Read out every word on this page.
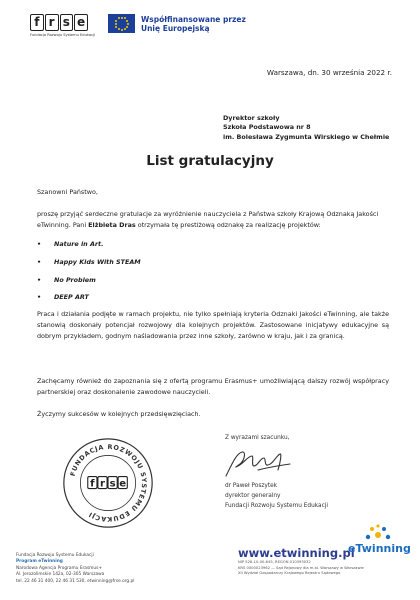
f r s e
Fundacja Rozwoju Systemu Edukacji
Współfinansowane przez
Unię Europejską
Warszawa, dn. 30 września 2022 r.
Dyrektor szkoły
Szkoła Podstawowa nr 8
im. Bolesława Zygmunta Wirskiego w Chełmie
List gratulacyjny
Szanowni Państwo,
proszę przyjąć serdeczne gratulacje za wyróżnienie nauczyciela z Państwa szkoły Krajową Odznaką Jakości eTwinning. Pani Elżbieta Dras otrzymała tę prestiżową odznakę za realizację projektów:
• Nature in Art.
• Happy Kids With STEAM
• No Problem
• DEEP ART
Praca i działania podjęte w ramach projektu, nie tylko spełniają kryteria Odznaki Jakości eTwinning, ale także stanowią doskonały potencjał rozwojowy dla kolejnych projektów. Zastosowane inicjatywy edukacyjne są dobrym przykładem, godnym naśladowania przez inne szkoły, zarówno w kraju, jak i za granicą.
Zachęcamy również do zapoznania się z ofertą programu Erasmus+ umożliwiającą dalszy rozwój współpracy partnerskiej oraz doskonalenie zawodowe nauczycieli.
Życzymy sukcesów w kolejnych przedsięwzięciach.
FUNDACJA ROZWOJU SYSTEMU EDUKACJI
f r s e
Z wyrazami szacunku,
dr Paweł Poszytek
dyrektor generalny
Fundacji Rozwoju Systemu Edukacji
Fundacja Rozwoju Systemu Edukacji
Program eTwinning
Narodowa Agencja Programu Erasmus+
Al. Jerozolimskie 142a, 02-305 Warszawa
tel. 22 46 31 400, 22 46 31 530, etwinning@frse.org.pl
www.etwinning.pl
NIP 526-10-00-645, REGON 010393032
KRS 0000023962 — Sąd Rejonowy dla m.st. Warszawy w Warszawie
XII Wydział Gospodarczy Krajowego Rejestru Sądowego
eTwinning
